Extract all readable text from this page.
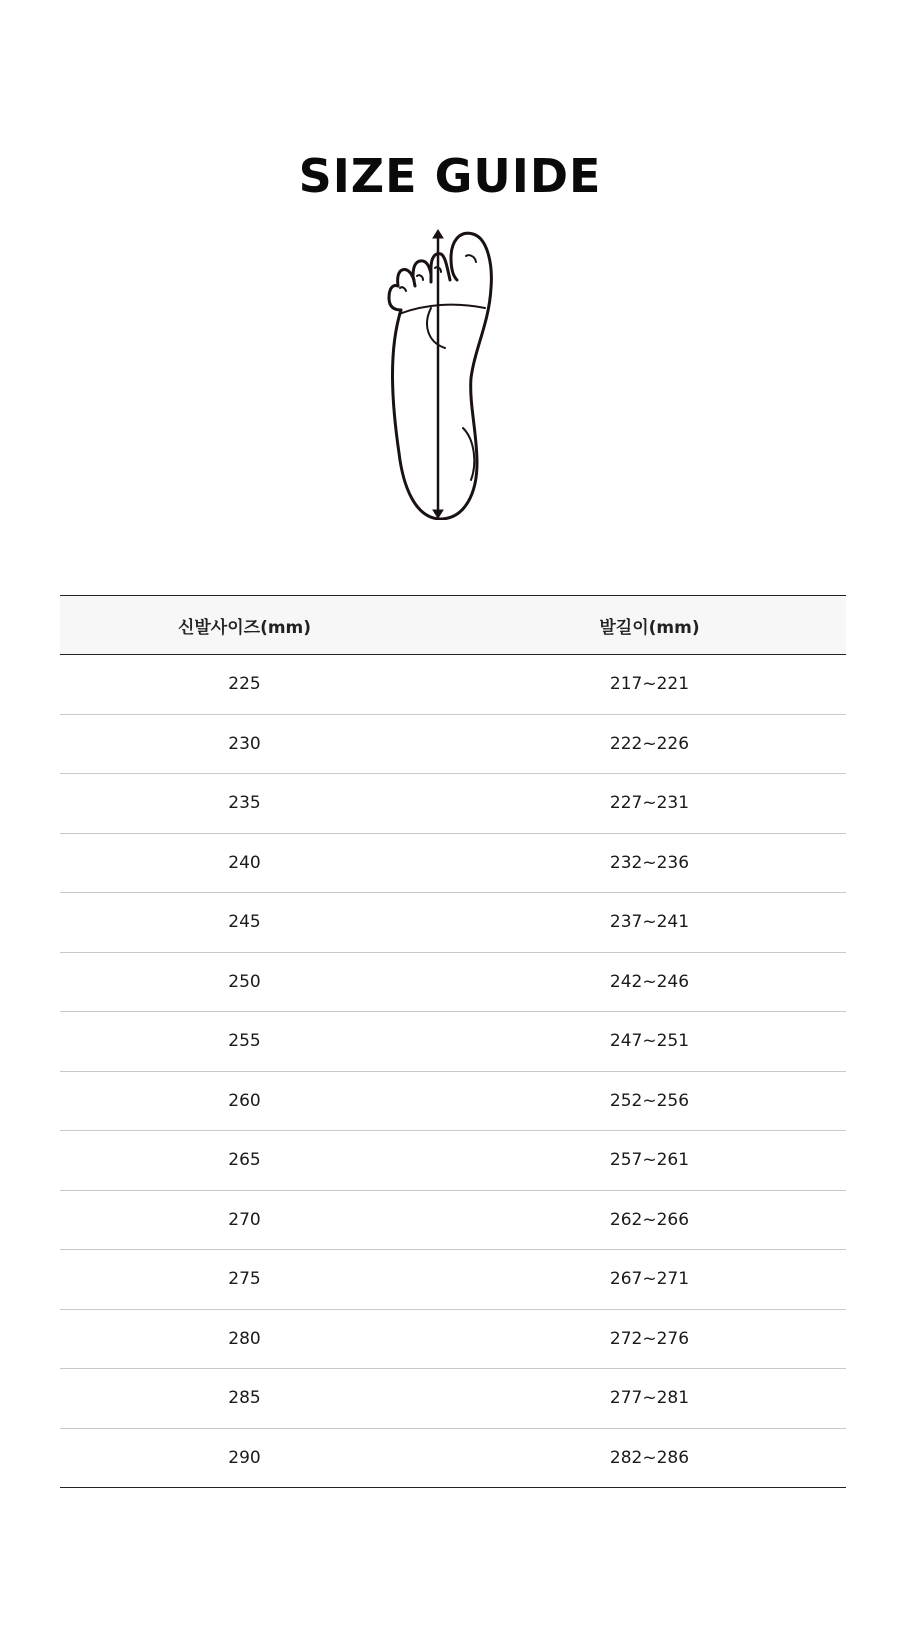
SIZE GUIDE
신발사이즈(mm)	발길이(mm)
225	217~221
230	222~226
235	227~231
240	232~236
245	237~241
250	242~246
255	247~251
260	252~256
265	257~261
270	262~266
275	267~271
280	272~276
285	277~281
290	282~286
